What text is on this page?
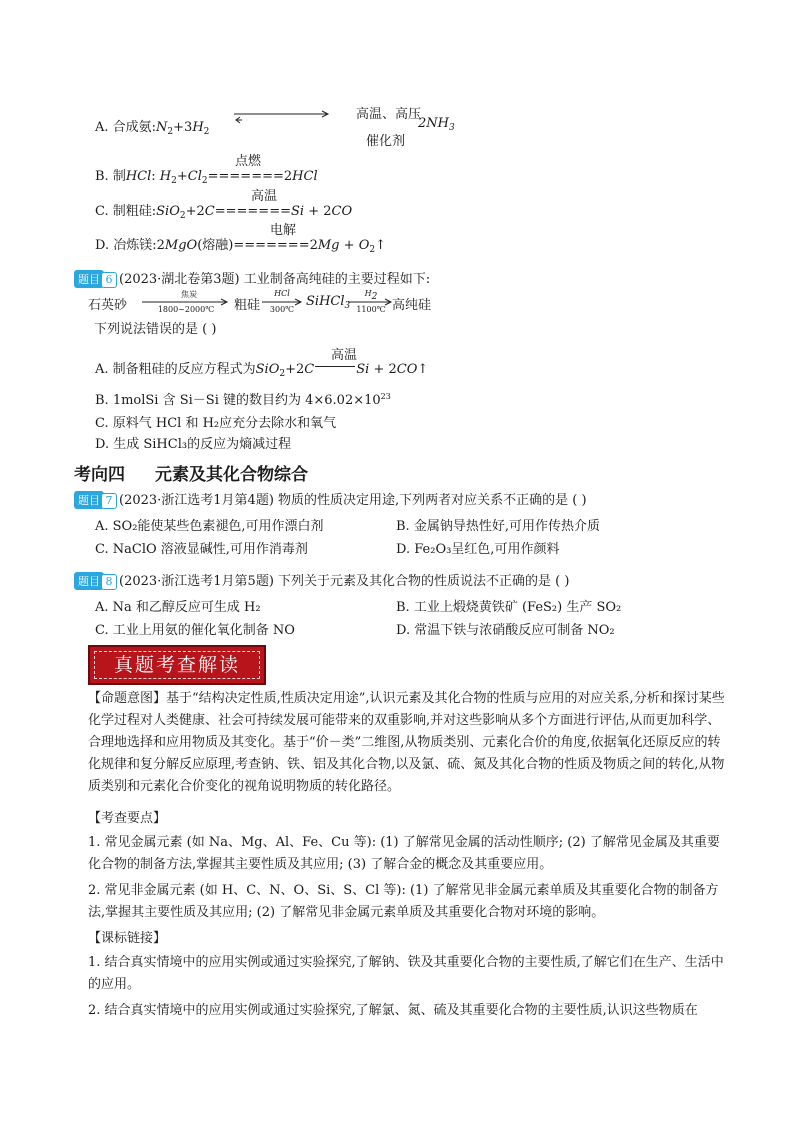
A. 合成氨$:N_2+3H_2$
高温、高压
催化剂
$2NH_3$
点燃
B. 制HCl: $H_2+Cl_2=======2HCl$
高温
C. 制粗硅:SiO$_2$+2C=======Si + 2CO
电解
D. 冶炼镁:2MgO(熔融)$=======2Mg + O_2↑$
题目 6 (2023·湖北卷第3题) 工业制备高纯硅的主要过程如下:
石英砂
焦炭
1800~2000℃	粗硅
HCl
300℃
SiHCl$_3$
$H_2$
1100℃ 高纯硅
下列说法错误的是 ( )
高温
A. 制备粗硅的反应方程式为SiO$_2$+2C	Si + 2CO↑
B. 1molSi 含 Si－Si 键的数目约为 $4\times 6.02\times 10^{23}$
C. 原料气 HCl 和 H₂应充分去除水和氧气
D. 生成 SiHCl₃的反应为熵减过程
考向四 元素及其化合物综合
题目 7 (2023·浙江选考1月第4题) 物质的性质决定用途,下列两者对应关系不正确的是 ( )
A. SO₂能使某些色素褪色,可用作漂白剂	B. 金属钠导热性好,可用作传热介质
C. NaClO 溶液显碱性,可用作消毒剂	D. Fe₂O₃呈红色,可用作颜料
题目 8 (2023·浙江选考1月第5题) 下列关于元素及其化合物的性质说法不正确的是 ( )
A. Na 和乙醇反应可生成 H₂	B. 工业上煅烧黄铁矿 (FeS₂) 生产 SO₂
C. 工业上用氨的催化氧化制备 NO	D. 常温下铁与浓硝酸反应可制备 NO₂
真题考查解读
【命题意图】基于“结构决定性质,性质决定用途”,认识元素及其化合物的性质与应用的对应关系,分析和探讨某些化学过程对人类健康、社会可持续发展可能带来的双重影响,并对这些影响从多个方面进行评估,从而更加科学、合理地选择和应用物质及其变化。基于“价－类”二维图,从物质类别、元素化合价的角度,依据氧化还原反应的转化规律和复分解反应原理,考查钠、铁、铝及其化合物,以及氯、硫、氮及其化合物的性质及物质之间的转化,从物质类别和元素化合价变化的视角说明物质的转化路径。
【考查要点】
1. 常见金属元素 (如 Na、Mg、Al、Fe、Cu 等): (1) 了解常见金属的活动性顺序; (2) 了解常见金属及其重要化合物的制备方法,掌握其主要性质及其应用; (3) 了解合金的概念及其重要应用。
2. 常见非金属元素 (如 H、C、N、O、Si、S、Cl 等): (1) 了解常见非金属元素单质及其重要化合物的制备方法,掌握其主要性质及其应用; (2) 了解常见非金属元素单质及其重要化合物对环境的影响。
【课标链接】
1. 结合真实情境中的应用实例或通过实验探究,了解钠、铁及其重要化合物的主要性质,了解它们在生产、生活中的应用。
2. 结合真实情境中的应用实例或通过实验探究,了解氯、氮、硫及其重要化合物的主要性质,认识这些物质在
